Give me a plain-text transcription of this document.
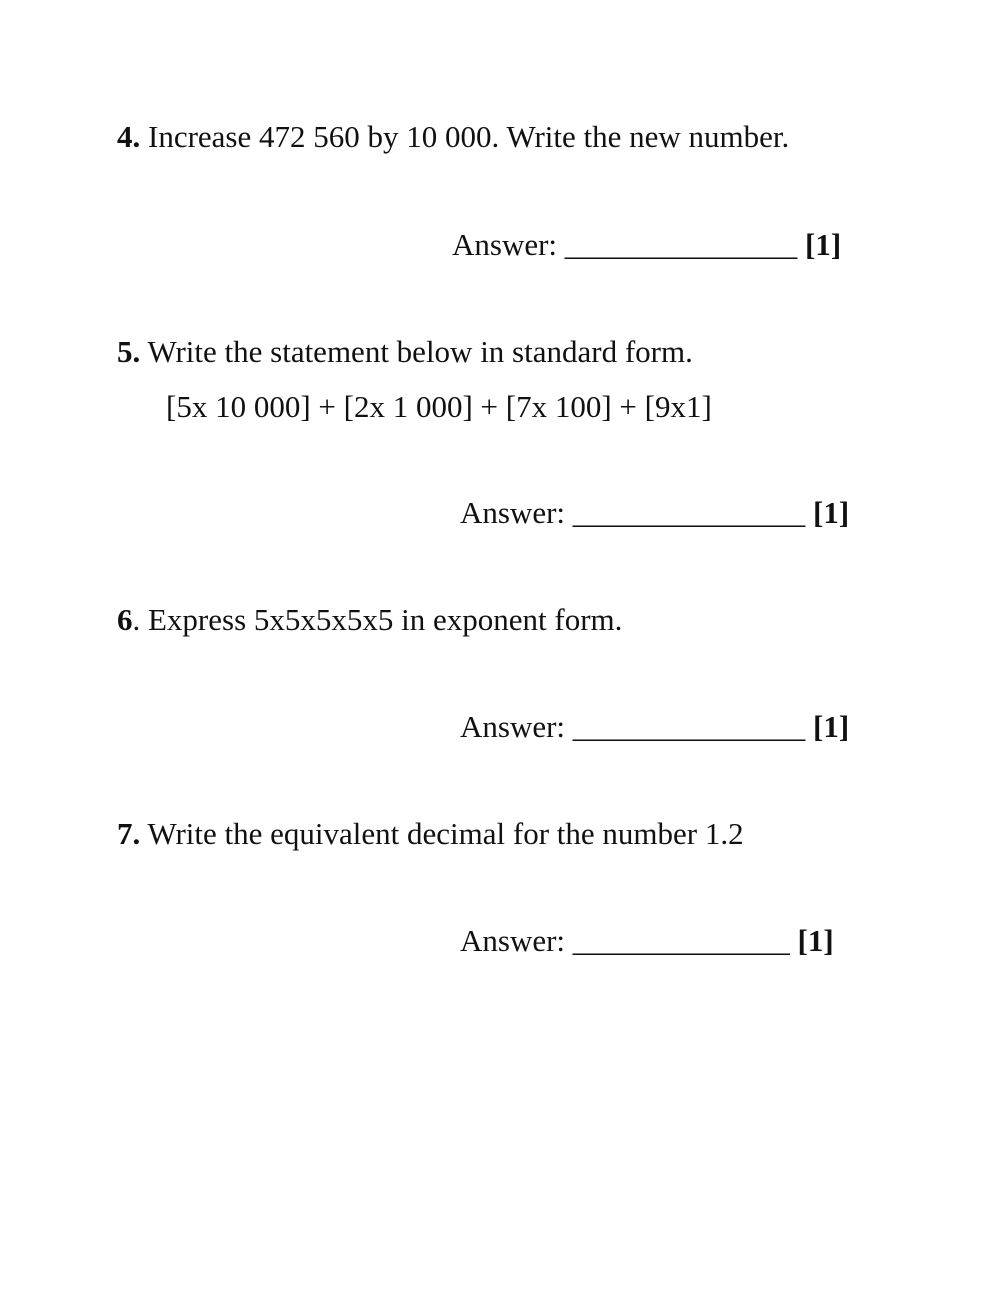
4. Increase 472 560 by 10 000. Write the new number.
Answer: _______________ [1]
5. Write the statement below in standard form.
[5x 10 000] + [2x 1 000] + [7x 100] + [9x1]
Answer: _______________ [1]
6. Express 5x5x5x5x5 in exponent form.
Answer: _______________ [1]
7. Write the equivalent decimal for the number 1.2
Answer: ______________ [1]
